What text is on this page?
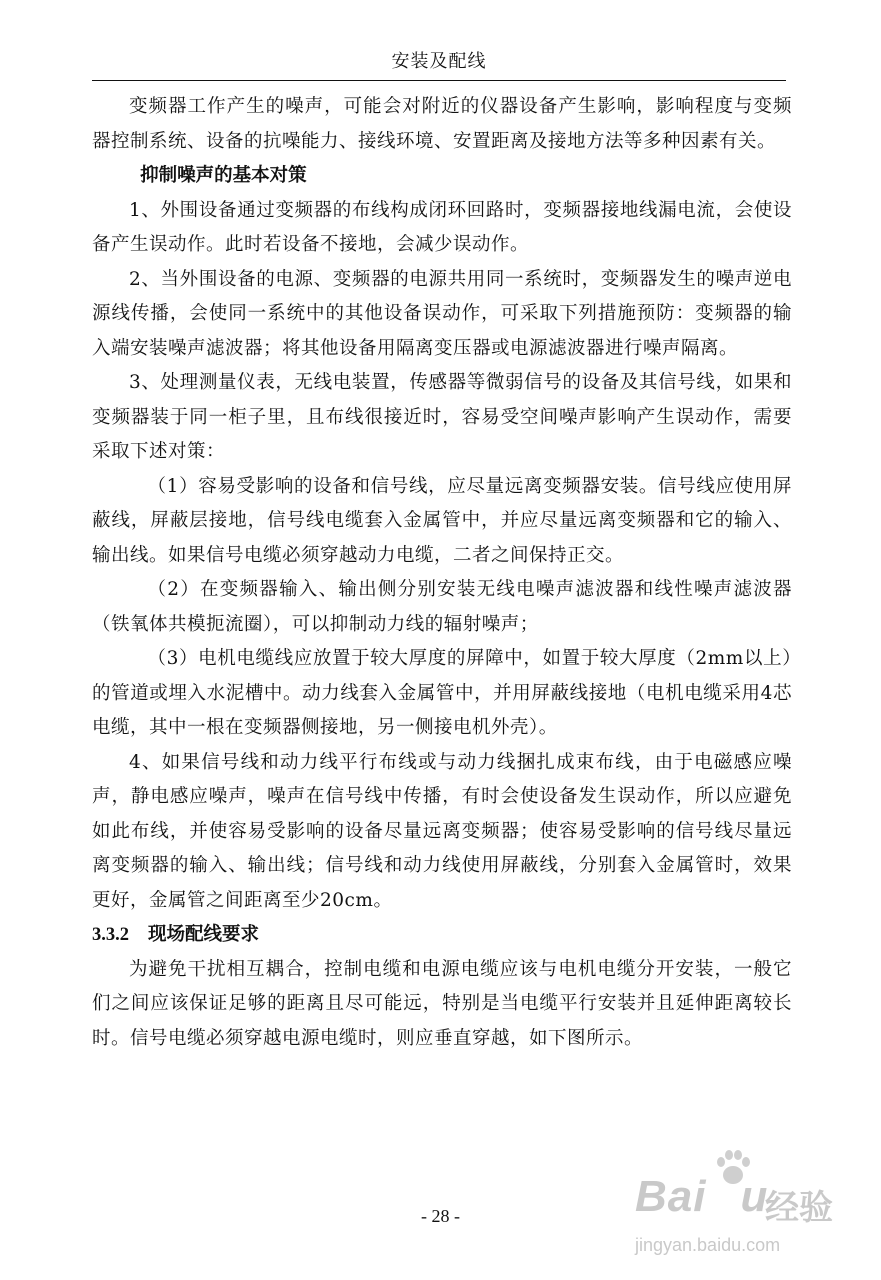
安装及配线

变频器工作产生的噪声，可能会对附近的仪器设备产生影响，影响程度与变频器控制系统、设备的抗噪能力、接线环境、安置距离及接地方法等多种因素有关。

抑制噪声的基本对策

1、外围设备通过变频器的布线构成闭环回路时，变频器接地线漏电流，会使设备产生误动作。此时若设备不接地，会减少误动作。

2、当外围设备的电源、变频器的电源共用同一系统时，变频器发生的噪声逆电源线传播，会使同一系统中的其他设备误动作，可采取下列措施预防：变频器的输入端安装噪声滤波器；将其他设备用隔离变压器或电源滤波器进行噪声隔离。

3、处理测量仪表，无线电装置，传感器等微弱信号的设备及其信号线，如果和变频器装于同一柜子里，且布线很接近时，容易受空间噪声影响产生误动作，需要采取下述对策：

（1）容易受影响的设备和信号线，应尽量远离变频器安装。信号线应使用屏蔽线，屏蔽层接地，信号线电缆套入金属管中，并应尽量远离变频器和它的输入、输出线。如果信号电缆必须穿越动力电缆，二者之间保持正交。

（2）在变频器输入、输出侧分别安装无线电噪声滤波器和线性噪声滤波器（铁氧体共模扼流圈），可以抑制动力线的辐射噪声；

（3）电机电缆线应放置于较大厚度的屏障中，如置于较大厚度（2mm以上）的管道或埋入水泥槽中。动力线套入金属管中，并用屏蔽线接地（电机电缆采用4芯电缆，其中一根在变频器侧接地，另一侧接电机外壳）。

4、如果信号线和动力线平行布线或与动力线捆扎成束布线，由于电磁感应噪声，静电感应噪声，噪声在信号线中传播，有时会使设备发生误动作，所以应避免如此布线，并使容易受影响的设备尽量远离变频器；使容易受影响的信号线尽量远离变频器的输入、输出线；信号线和动力线使用屏蔽线，分别套入金属管时，效果更好，金属管之间距离至少20cm。

3.3.2 现场配线要求

为避免干扰相互耦合，控制电缆和电源电缆应该与电机电缆分开安装，一般它们之间应该保证足够的距离且尽可能远，特别是当电缆平行安装并且延伸距离较长时。信号电缆必须穿越电源电缆时，则应垂直穿越，如下图所示。

- 28 -	Bai u
经验
jingyan.baidu.com
